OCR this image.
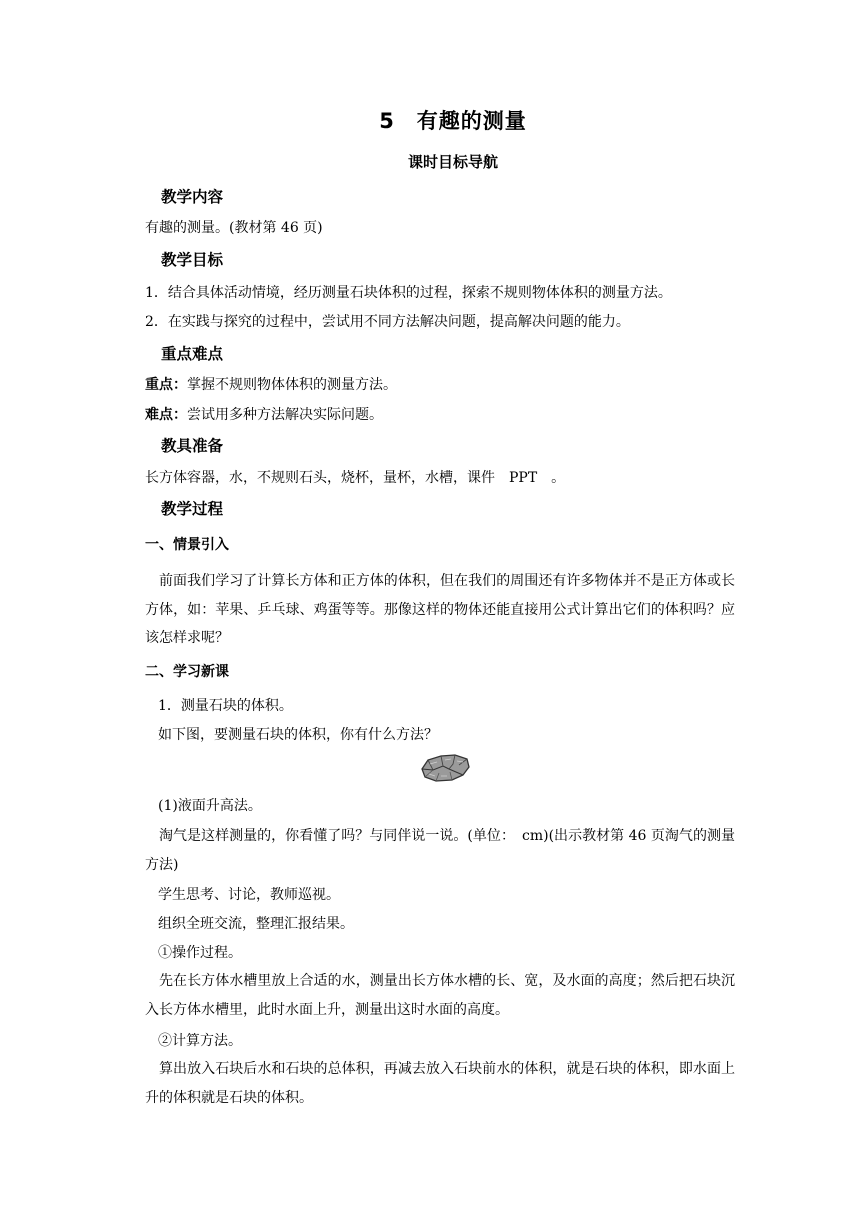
5　有趣的测量
课时目标导航
教学内容
有趣的测量。(教材第 46 页)
教学目标
1．结合具体活动情境，经历测量石块体积的过程，探索不规则物体体积的测量方法。
2．在实践与探究的过程中，尝试用不同方法解决问题，提高解决问题的能力。
重点难点
重点：掌握不规则物体体积的测量方法。
难点：尝试用多种方法解决实际问题。
教具准备
长方体容器，水，不规则石头，烧杯，量杯，水槽，课件　PPT　。
教学过程
一、情景引入
前面我们学习了计算长方体和正方体的体积，但在我们的周围还有许多物体并不是正方体或长方体，如：苹果、乒乓球、鸡蛋等等。那像这样的物体还能直接用公式计算出它们的体积吗？应该怎样求呢？
二、学习新课
1．测量石块的体积。
如下图，要测量石块的体积，你有什么方法？
(1)液面升高法。
淘气是这样测量的，你看懂了吗？与同伴说一说。(单位：　cm)(出示教材第 46 页淘气的测量方法)
学生思考、讨论，教师巡视。
组织全班交流，整理汇报结果。
①操作过程。
先在长方体水槽里放上合适的水，测量出长方体水槽的长、宽，及水面的高度；然后把石块沉入长方体水槽里，此时水面上升，测量出这时水面的高度。
②计算方法。
算出放入石块后水和石块的总体积，再减去放入石块前水的体积，就是石块的体积，即水面上升的体积就是石块的体积。
